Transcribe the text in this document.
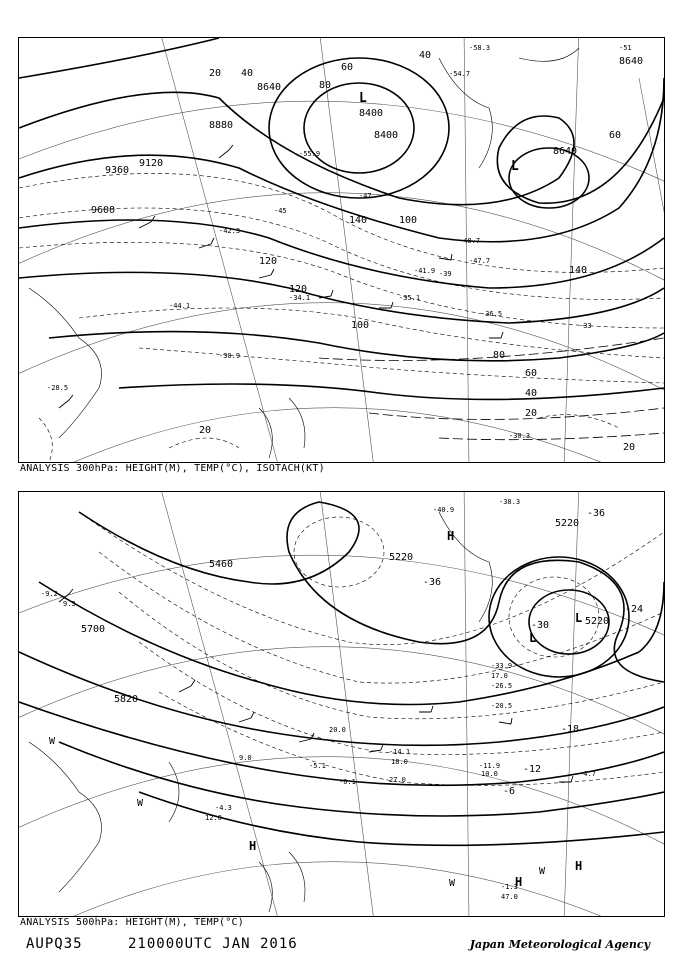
8640
8400
8880
9120
9360
9600
8640
8640
8400
20 40
60
80
100
120
140
140
120
100
80
60
40
20
20
20
60
40
-51
-54.7
-58.3
-55.9
-47
-45
-42.3
-39
-34.1	-35.1
-36.5
-33
-30.9
-30.3
-28.5
-44.1
-48.7
-41.9
-47.7
L
L
ANALYSIS 300hPa: HEIGHT(M), TEMP(°C), ISOTACH(KT)
5220
5460
5700
5820
5220
5220
-36
-36
-30
-24
-18
-12
-6
-40.9
-38.3
-33.9
-26.5
-20.5
-14.1
-11.9
-4.7
-9.2
-6.1
-5.1
-4.3
-1.3
10.0
9.3
17.0
18.0
12.0
27.0
47.0
9.0
20.0
H
L
L
H
H
H
W
W
W
W
ANALYSIS 500hPa: HEIGHT(M), TEMP(°C)
AUPQ35	210000UTC JAN 2016	Japan Meteorological Agency
